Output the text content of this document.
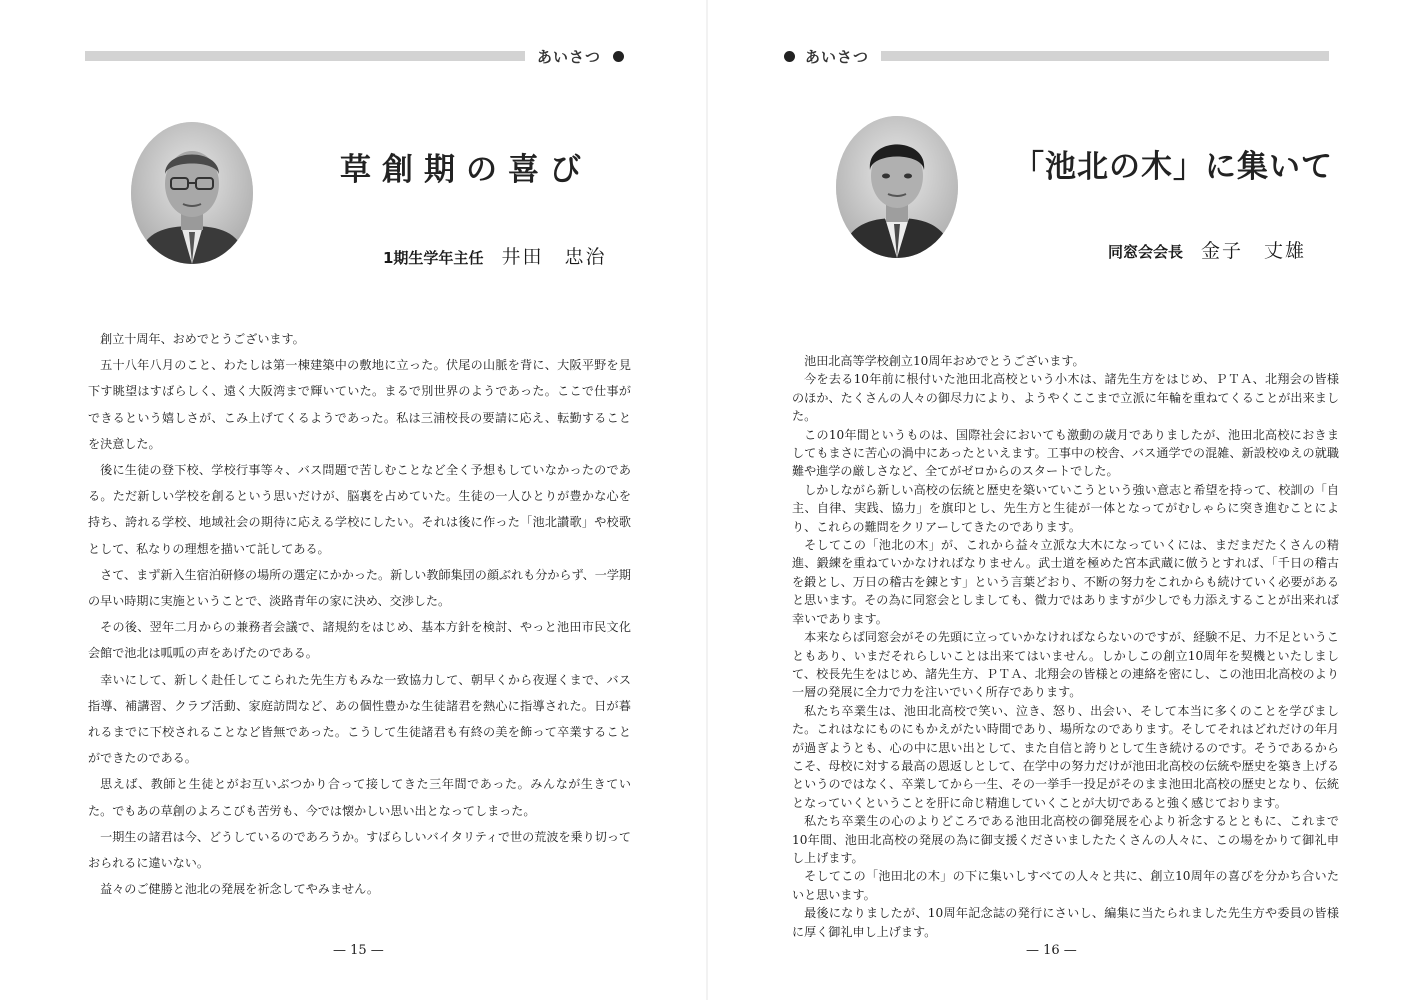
あいさつ
草創期の喜び
1期生学年主任 井田　忠治

創立十周年、おめでとうございます。

五十八年八月のこと、わたしは第一棟建築中の敷地に立った。伏尾の山脈を背に、大阪平野を見下す眺望はすばらしく、遠く大阪湾まで輝いていた。まるで別世界のようであった。ここで仕事ができるという嬉しさが、こみ上げてくるようであった。私は三浦校長の要請に応え、転勤することを決意した。

後に生徒の登下校、学校行事等々、バス問題で苦しむことなど全く予想もしていなかったのである。ただ新しい学校を創るという思いだけが、脳裏を占めていた。生徒の一人ひとりが豊かな心を持ち、誇れる学校、地域社会の期待に応える学校にしたい。それは後に作った「池北讃歌」や校歌として、私なりの理想を描いて託してある。

さて、まず新入生宿泊研修の場所の選定にかかった。新しい教師集団の顔ぶれも分からず、一学期の早い時期に実施ということで、淡路青年の家に決め、交渉した。

その後、翌年二月からの兼務者会議で、諸規約をはじめ、基本方針を検討、やっと池田市民文化会館で池北は呱呱の声をあげたのである。

幸いにして、新しく赴任してこられた先生方もみな一致協力して、朝早くから夜遅くまで、バス指導、補講習、クラブ活動、家庭訪問など、あの個性豊かな生徒諸君を熱心に指導された。日が暮れるまでに下校されることなど皆無であった。こうして生徒諸君も有終の美を飾って卒業することができたのである。

思えば、教師と生徒とがお互いぶつかり合って接してきた三年間であった。みんなが生きていた。でもあの草創のよろこびも苦労も、今では懐かしい思い出となってしまった。

一期生の諸君は今、どうしているのであろうか。すばらしいバイタリティで世の荒波を乗り切っておられるに違いない。

益々のご健勝と池北の発展を祈念してやみません。

— 15 —
あいさつ
「池北の木」に集いて
同窓会会長 金子　丈雄

池田北高等学校創立10周年おめでとうございます。

今を去る10年前に根付いた池田北高校という小木は、諸先生方をはじめ、ＰＴＡ、北翔会の皆様のほか、たくさんの人々の御尽力により、ようやくここまで立派に年輪を重ねてくることが出来ました。

この10年間というものは、国際社会においても激動の歳月でありましたが、池田北高校におきましてもまさに苦心の渦中にあったといえます。工事中の校舎、バス通学での混雑、新設校ゆえの就職難や進学の厳しさなど、全てがゼロからのスタートでした。

しかしながら新しい高校の伝統と歴史を築いていこうという強い意志と希望を持って、校訓の「自主、自律、実践、協力」を旗印とし、先生方と生徒が一体となってがむしゃらに突き進むことにより、これらの難問をクリアーしてきたのであります。

そしてこの「池北の木」が、これから益々立派な大木になっていくには、まだまだたくさんの精進、鍛練を重ねていかなければなりません。武士道を極めた宮本武蔵に倣うとすれば、「千日の稽古を鍛とし、万日の稽古を錬とす」という言葉どおり、不断の努力をこれからも続けていく必要があると思います。その為に同窓会としましても、微力ではありますが少しでも力添えすることが出来れば幸いであります。

本来ならば同窓会がその先頭に立っていかなければならないのですが、経験不足、力不足ということもあり、いまだそれらしいことは出来てはいません。しかしこの創立10周年を契機といたしまして、校長先生をはじめ、諸先生方、ＰＴＡ、北翔会の皆様との連絡を密にし、この池田北高校のより一層の発展に全力で力を注いでいく所存であります。

私たち卒業生は、池田北高校で笑い、泣き、怒り、出会い、そして本当に多くのことを学びました。これはなにものにもかえがたい時間であり、場所なのであります。そしてそれはどれだけの年月が過ぎようとも、心の中に思い出として、また自信と誇りとして生き続けるのです。そうであるからこそ、母校に対する最高の恩返しとして、在学中の努力だけが池田北高校の伝統や歴史を築き上げるというのではなく、卒業してから一生、その一挙手一投足がそのまま池田北高校の歴史となり、伝統となっていくということを肝に命じ精進していくことが大切であると強く感じております。

私たち卒業生の心のよりどころである池田北高校の御発展を心より祈念するとともに、これまで10年間、池田北高校の発展の為に御支援くださいましたたくさんの人々に、この場をかりて御礼申し上げます。

そしてこの「池田北の木」の下に集いしすべての人々と共に、創立10周年の喜びを分かち合いたいと思います。

最後になりましたが、10周年記念誌の発行にさいし、編集に当たられました先生方や委員の皆様に厚く御礼申し上げます。

— 16 —
